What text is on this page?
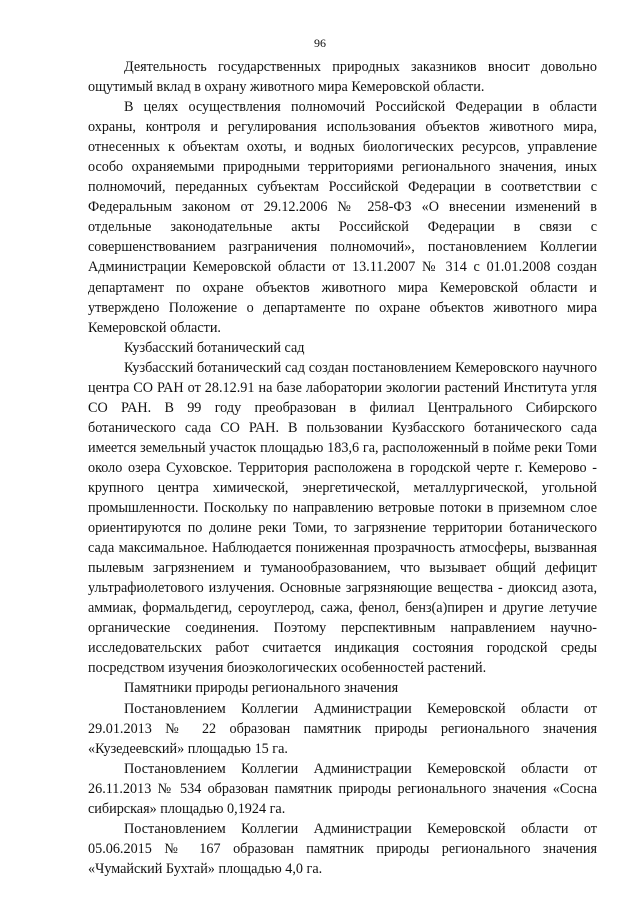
96

Деятельность государственных природных заказников вносит довольно ощутимый вклад в охрану животного мира Кемеровской области.

В целях осуществления полномочий Российской Федерации в области охраны, контроля и регулирования использования объектов животного мира, отнесенных к объектам охоты, и водных биологических ресурсов, управление особо охраняемыми природными территориями регионального значения, иных полномочий, переданных субъектам Российской Федерации в соответствии с Федеральным законом от 29.12.2006 № 258-ФЗ «О внесении изменений в отдельные законодательные акты Российской Федерации в связи с совершенствованием разграничения полномочий», постановлением Коллегии Администрации Кемеровской области от 13.11.2007 № 314 с 01.01.2008 создан департамент по охране объектов животного мира Кемеровской области и утверждено Положение о департаменте по охране объектов животного мира Кемеровской области.

Кузбасский ботанический сад

Кузбасский ботанический сад создан постановлением Кемеровского научного центра СО РАН от 28.12.91 на базе лаборатории экологии растений Института угля СО РАН. В 99 году преобразован в филиал Центрального Сибирского ботанического сада СО РАН. В пользовании Кузбасского ботанического сада имеется земельный участок площадью 183,6 га, расположенный в пойме реки Томи около озера Суховское. Территория расположена в городской черте г. Кемерово - крупного центра химической, энергетической, металлургической, угольной промышленности. Поскольку по направлению ветровые потоки в приземном слое ориентируются по долине реки Томи, то загрязнение территории ботанического сада максимальное. Наблюдается пониженная прозрачность атмосферы, вызванная пылевым загрязнением и туманообразованием, что вызывает общий дефицит ультрафиолетового излучения. Основные загрязняющие вещества - диоксид азота, аммиак, формальдегид, сероуглерод, сажа, фенол, бенз(а)пирен и другие летучие органические соединения. Поэтому перспективным направлением научно-исследовательских работ считается индикация состояния городской среды посредством изучения биоэкологических особенностей растений.

Памятники природы регионального значения

Постановлением Коллегии Администрации Кемеровской области от 29.01.2013 № 22 образован памятник природы регионального значения «Кузедеевский» площадью 15 га.

Постановлением Коллегии Администрации Кемеровской области от 26.11.2013 № 534 образован памятник природы регионального значения «Сосна сибирская» площадью 0,1924 га.

Постановлением Коллегии Администрации Кемеровской области от 05.06.2015 № 167 образован памятник природы регионального значения «Чумайский Бухтай» площадью 4,0 га.
